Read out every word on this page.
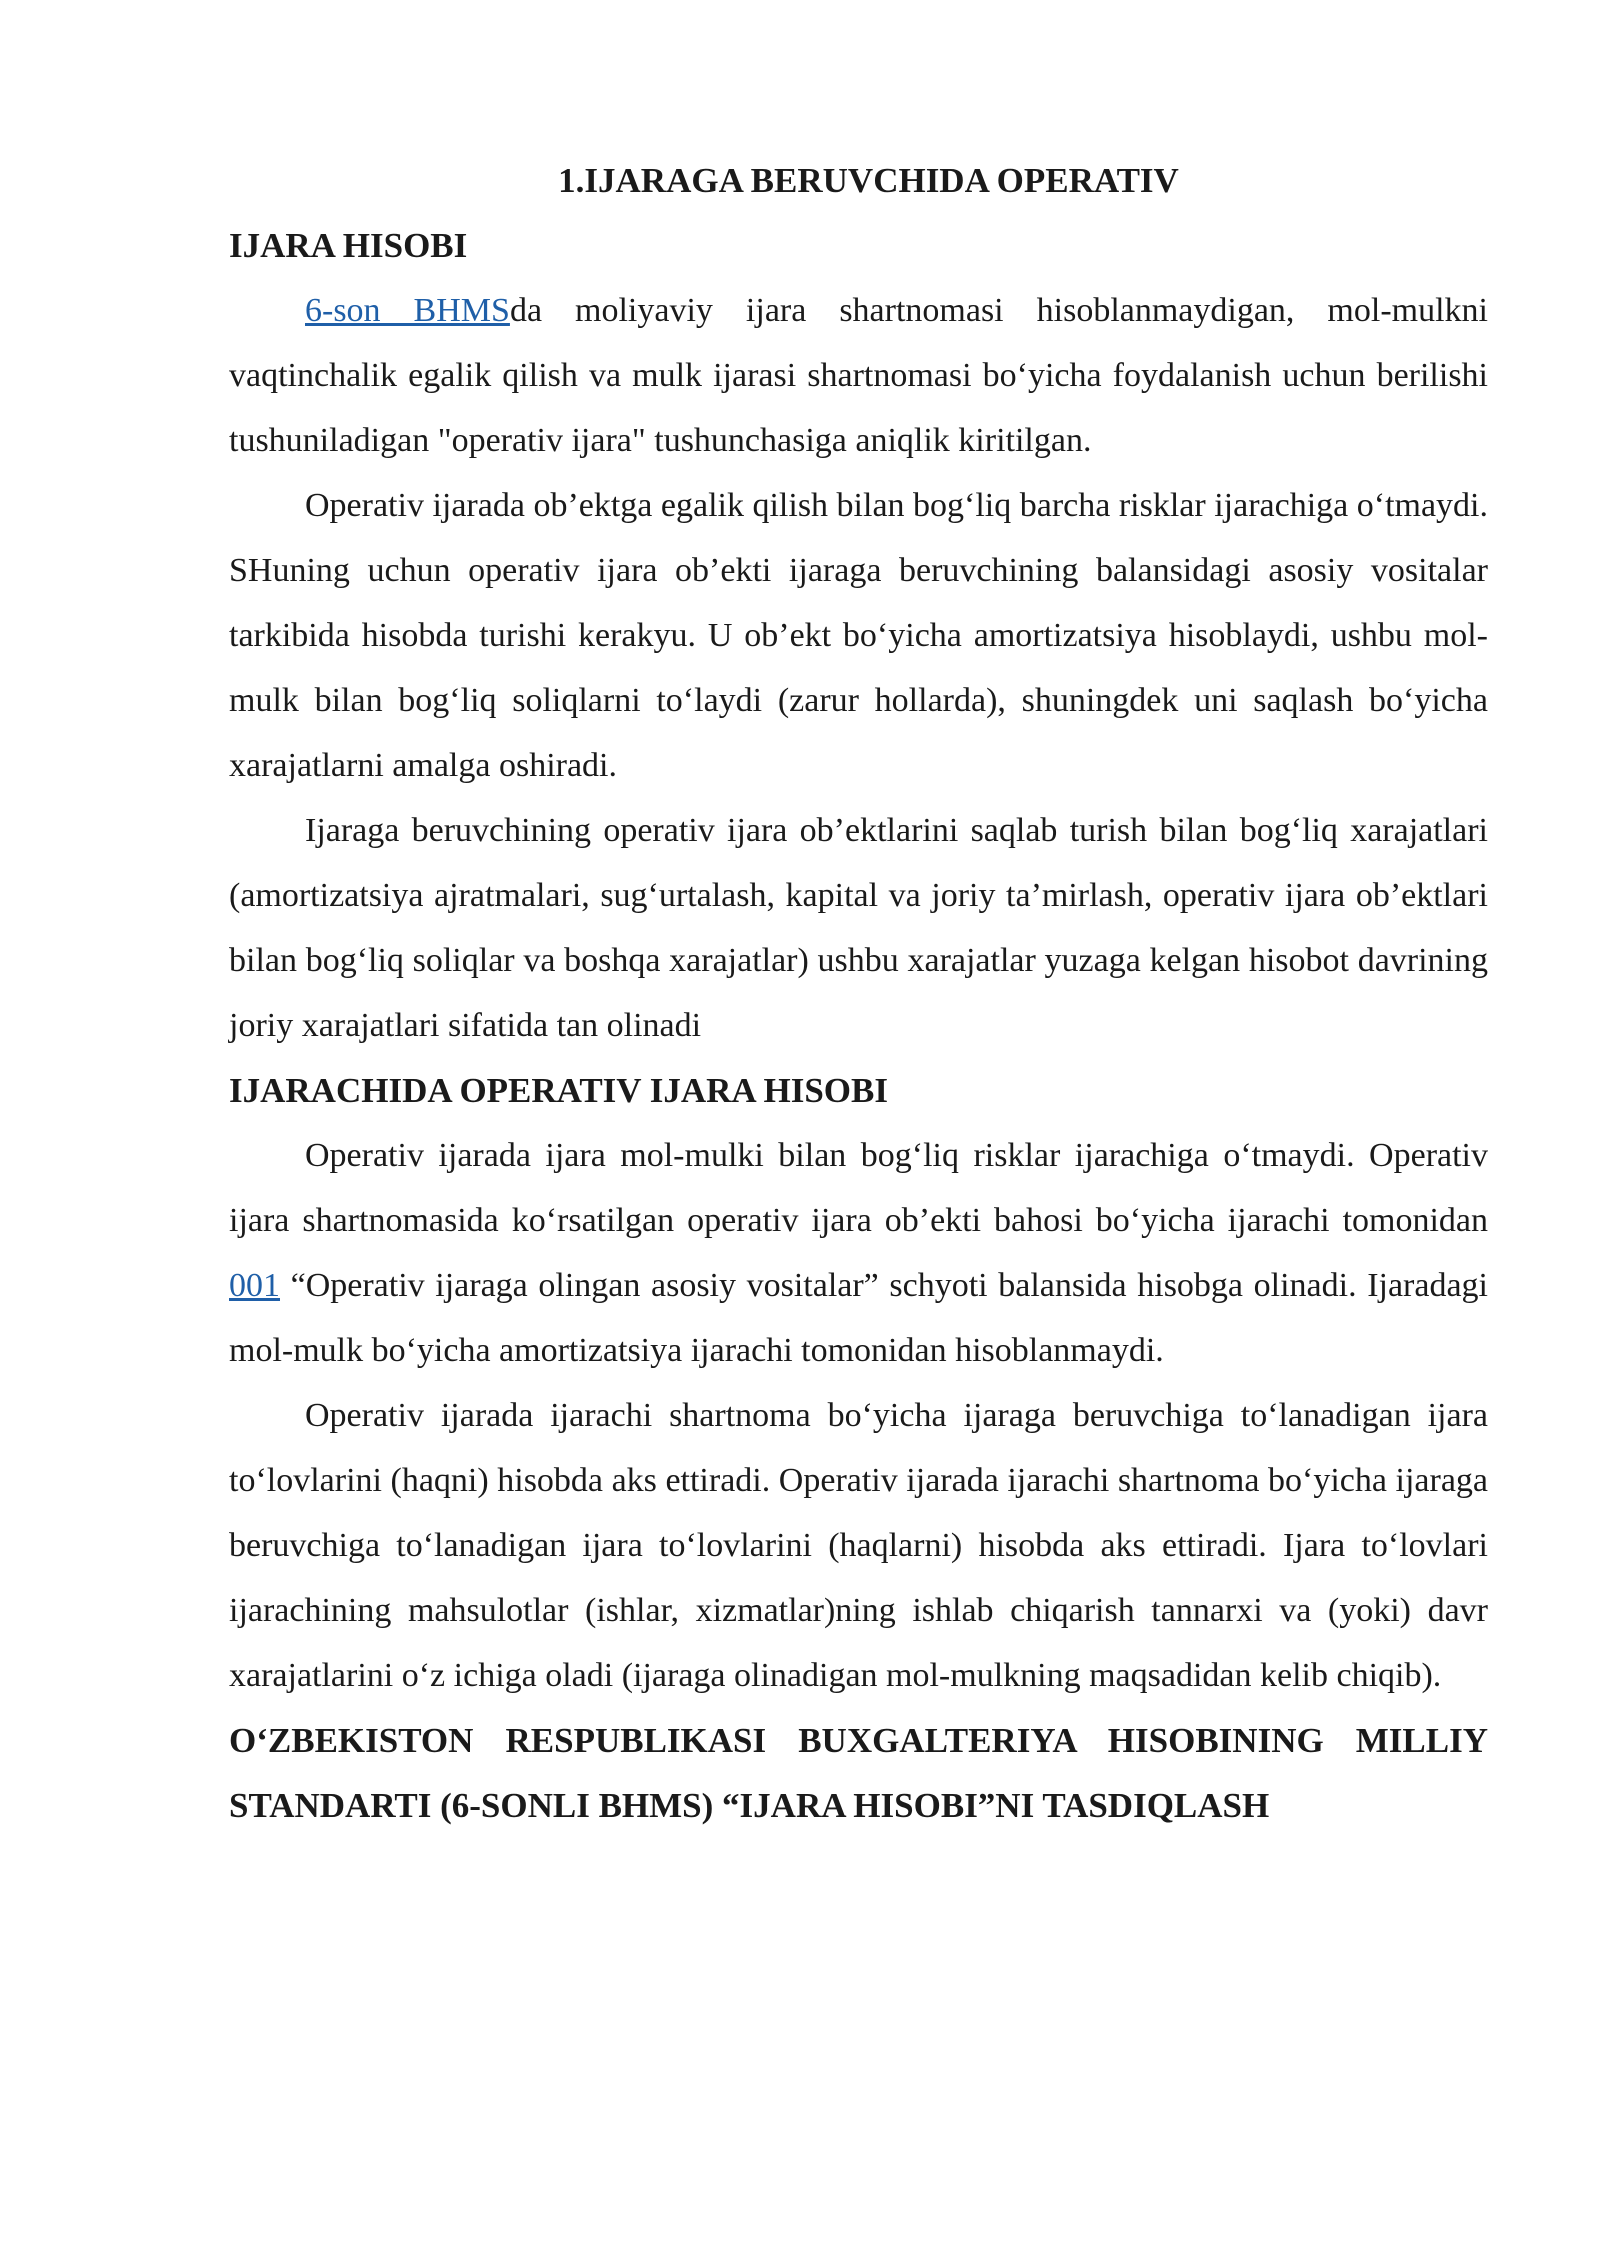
1.IJARAGA BERUVCHIDA OPERATIV
IJARA HISOBI

6-son BHMSda moliyaviy ijara shartnomasi hisoblanmaydigan, mol-mulkni vaqtinchalik egalik qilish va mulk ijarasi shartnomasi bo‘yicha foydalanish uchun berilishi tushuniladigan "operativ ijara" tushunchasiga aniqlik kiritilgan.

Operativ ijarada ob’ektga egalik qilish bilan bog‘liq barcha risklar ijarachiga o‘tmaydi. SHuning uchun operativ ijara ob’ekti ijaraga beruvchining balansidagi asosiy vositalar tarkibida hisobda turishi kerakyu. U ob’ekt bo‘yicha amortizatsiya hisoblaydi, ushbu mol-mulk bilan bog‘liq soliqlarni to‘laydi (zarur hollarda), shuningdek uni saqlash bo‘yicha xarajatlarni amalga oshiradi.

Ijaraga beruvchining operativ ijara ob’ektlarini saqlab turish bilan bog‘liq xarajatlari (amortizatsiya ajratmalari, sug‘urtalash, kapital va joriy ta’mirlash, operativ ijara ob’ektlari bilan bog‘liq soliqlar va boshqa xarajatlar) ushbu xarajatlar yuzaga kelgan hisobot davrining joriy xarajatlari sifatida tan olinadi

IJARACHIDA OPERATIV IJARA HISOBI

Operativ ijarada ijara mol-mulki bilan bog‘liq risklar ijarachiga o‘tmaydi. Operativ ijara shartnomasida ko‘rsatilgan operativ ijara ob’ekti bahosi bo‘yicha ijarachi tomonidan 001 “Operativ ijaraga olingan asosiy vositalar” schyoti balansida hisobga olinadi. Ijaradagi mol-mulk bo‘yicha amortizatsiya ijarachi tomonidan hisoblanmaydi.

Operativ ijarada ijarachi shartnoma bo‘yicha ijaraga beruvchiga to‘lanadigan ijara to‘lovlarini (haqni) hisobda aks ettiradi. Operativ ijarada ijarachi shartnoma bo‘yicha ijaraga beruvchiga to‘lanadigan ijara to‘lovlarini (haqlarni) hisobda aks ettiradi. Ijara to‘lovlari ijarachining mahsulotlar (ishlar, xizmatlar)ning ishlab chiqarish tannarxi va (yoki) davr xarajatlarini o‘z ichiga oladi (ijaraga olinadigan mol-mulkning maqsadidan kelib chiqib).

O‘ZBEKISTON RESPUBLIKASI BUXGALTERIYA HISOBINING MILLIY STANDARTI (6-SONLI BHMS) “IJARA HISOBI”NI TASDIQLASH
